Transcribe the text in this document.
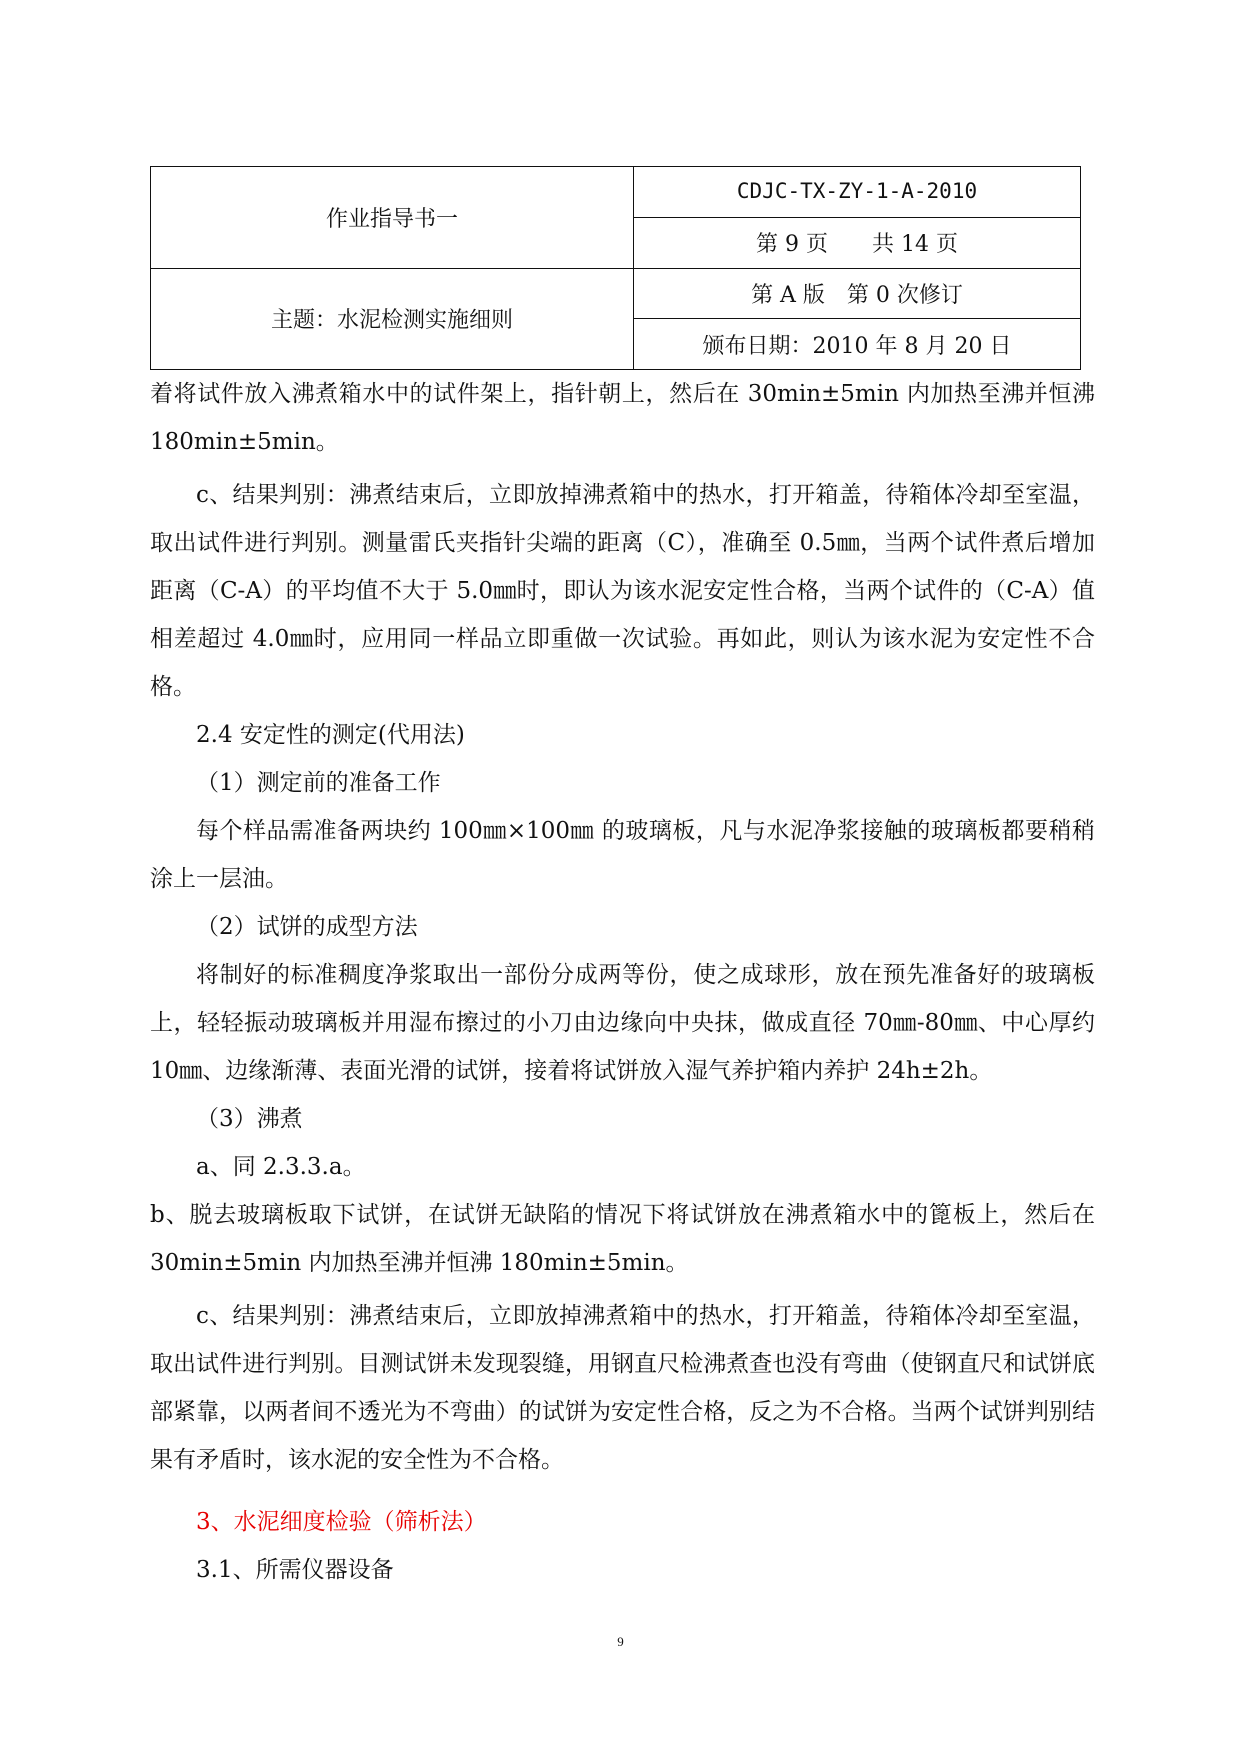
作业指导书一	CDJC-TX-ZY-1-A-2010
	第 9 页　　共 14 页
主题：水泥检测实施细则	第 A 版　第 0 次修订
	颁布日期：2010 年 8 月 20 日

着将试件放入沸煮箱水中的试件架上，指针朝上，然后在 30min±5min 内加热至沸并恒沸 180min±5min。

c、结果判别：沸煮结束后，立即放掉沸煮箱中的热水，打开箱盖，待箱体冷却至室温，取出试件进行判别。测量雷氏夹指针尖端的距离（C），准确至 0.5㎜，当两个试件煮后增加距离（C-A）的平均值不大于 5.0㎜时，即认为该水泥安定性合格，当两个试件的（C-A）值相差超过 4.0㎜时，应用同一样品立即重做一次试验。再如此，则认为该水泥为安定性不合格。

2.4 安定性的测定(代用法)

（1）测定前的准备工作

每个样品需准备两块约 100㎜×100㎜ 的玻璃板，凡与水泥净浆接触的玻璃板都要稍稍涂上一层油。

（2）试饼的成型方法

将制好的标准稠度净浆取出一部份分成两等份，使之成球形，放在预先准备好的玻璃板上，轻轻振动玻璃板并用湿布擦过的小刀由边缘向中央抹，做成直径 70㎜-80㎜、中心厚约 10㎜、边缘渐薄、表面光滑的试饼，接着将试饼放入湿气养护箱内养护 24h±2h。

（3）沸煮

a、同 2.3.3.a。

b、脱去玻璃板取下试饼，在试饼无缺陷的情况下将试饼放在沸煮箱水中的篦板上，然后在 30min±5min 内加热至沸并恒沸 180min±5min。

c、结果判别：沸煮结束后，立即放掉沸煮箱中的热水，打开箱盖，待箱体冷却至室温，取出试件进行判别。目测试饼未发现裂缝，用钢直尺检沸煮查也没有弯曲（使钢直尺和试饼底部紧靠，以两者间不透光为不弯曲）的试饼为安定性合格，反之为不合格。当两个试饼判别结果有矛盾时，该水泥的安全性为不合格。

3、水泥细度检验（筛析法）

3.1、所需仪器设备

9
